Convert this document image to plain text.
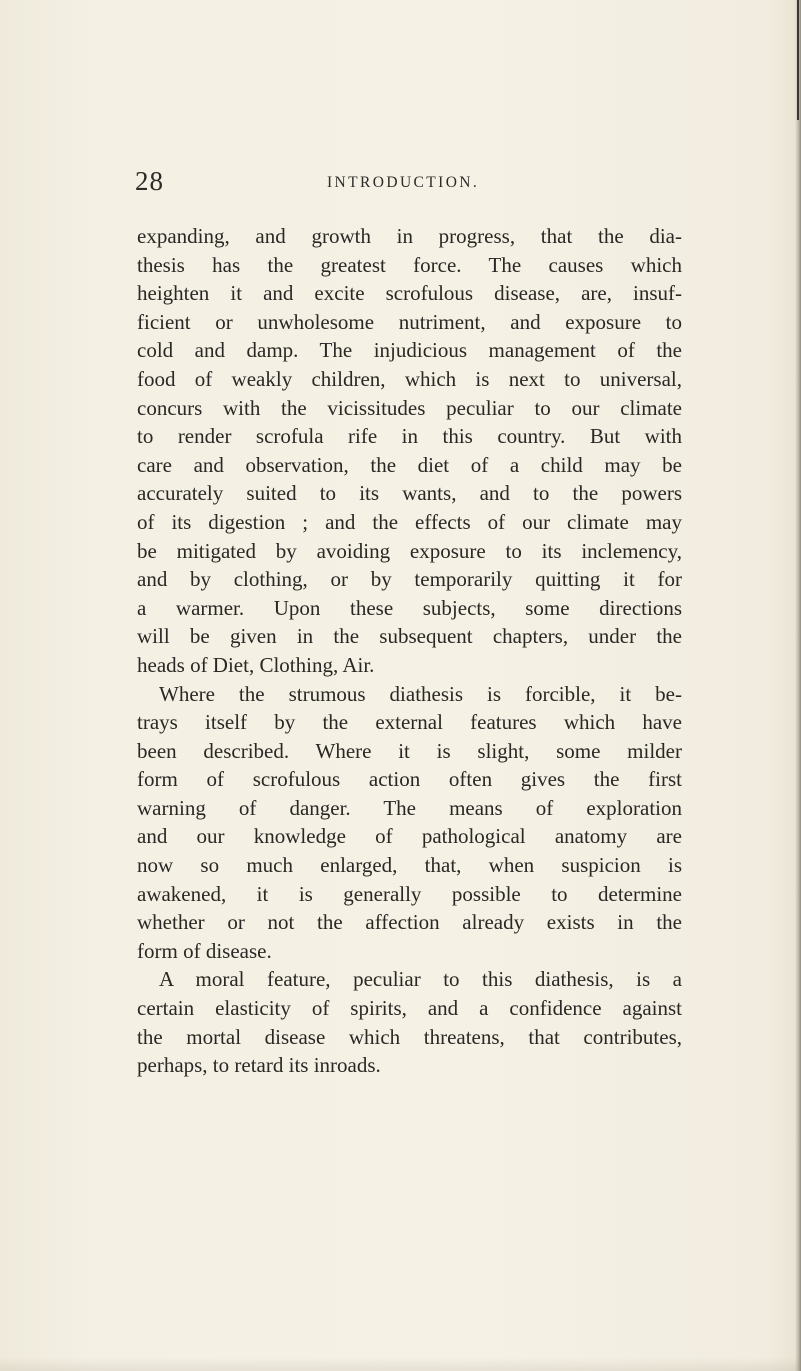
28	INTRODUCTION.
expanding, and growth in progress, that the dia-
thesis has the greatest force. The causes which
heighten it and excite scrofulous disease, are, insuf-
ficient or unwholesome nutriment, and exposure to
cold and damp. The injudicious management of the
food of weakly children, which is next to universal,
concurs with the vicissitudes peculiar to our climate
to render scrofula rife in this country. But with
care and observation, the diet of a child may be
accurately suited to its wants, and to the powers
of its digestion ; and the effects of our climate may
be mitigated by avoiding exposure to its inclemency,
and by clothing, or by temporarily quitting it for
a warmer. Upon these subjects, some directions
will be given in the subsequent chapters, under the
heads of Diet, Clothing, Air.
Where the strumous diathesis is forcible, it be-
trays itself by the external features which have
been described. Where it is slight, some milder
form of scrofulous action often gives the first
warning of danger. The means of exploration
and our knowledge of pathological anatomy are
now so much enlarged, that, when suspicion is
awakened, it is generally possible to determine
whether or not the affection already exists in the
form of disease.
A moral feature, peculiar to this diathesis, is a
certain elasticity of spirits, and a confidence against
the mortal disease which threatens, that contributes,
perhaps, to retard its inroads.
